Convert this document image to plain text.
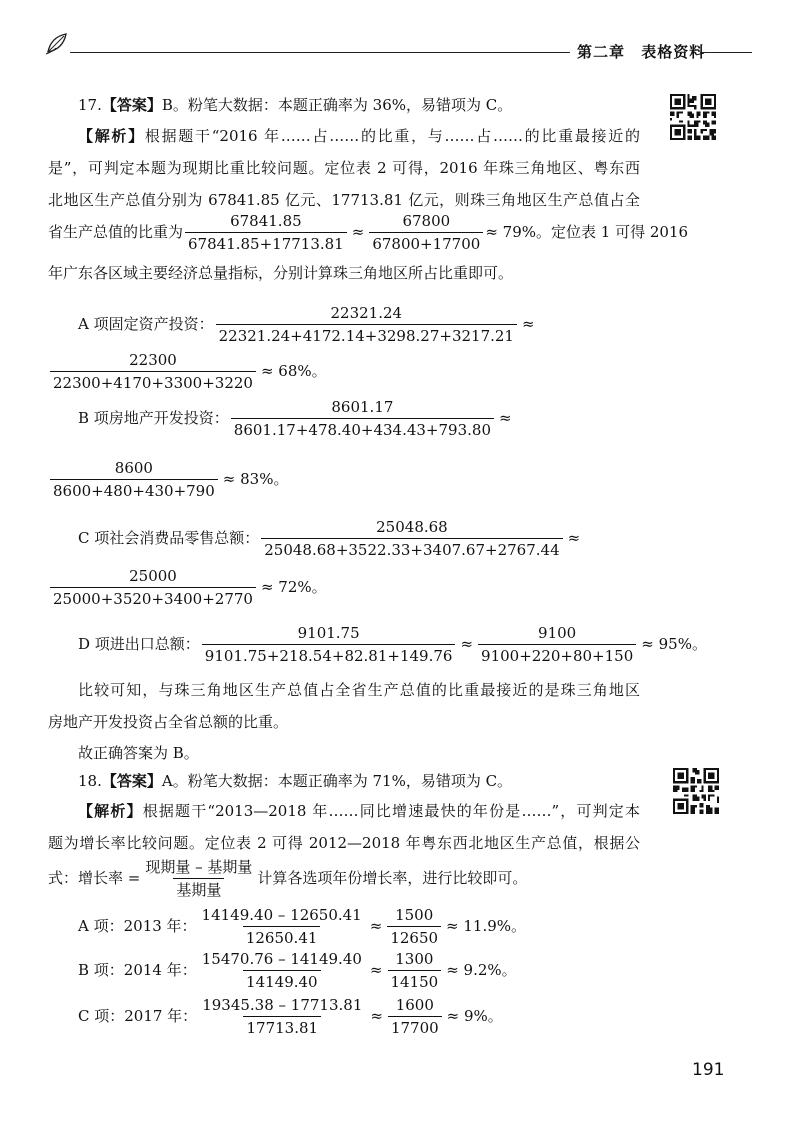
第二章 表格资料
17.【答案】B。粉笔大数据：本题正确率为 36%，易错项为 C。
【解析】根据题干“2016 年……占……的比重，与……占……的比重最接近的
是”，可判定本题为现期比重比较问题。定位表 2 可得，2016 年珠三角地区、粤东西
北地区生产总值分别为 67841.85 亿元、17713.81 亿元，则珠三角地区生产总值占全
省生产总值的比重为 $\frac{67841.85}{67841.85+17713.81} \approx \frac{67800}{67800+17700} \approx 79\%$。定位表 1 可得 2016
年广东各区域主要经济总量指标，分别计算珠三角地区所占比重即可。
A 项固定资产投资： $\frac{22321.24}{22321.24+4172.14+3298.27+3217.21}$ ≈
$\frac{22300}{22300+4170+3300+3220} \approx 68\%$。
B 项房地产开发投资： $\frac{8601.17}{8601.17+478.40+434.43+793.80}$ ≈
$\frac{8600}{8600+480+430+790} \approx 83\%$。
C 项社会消费品零售总额： $\frac{25048.68}{25048.68+3522.33+3407.67+2767.44}$ ≈
$\frac{25000}{25000+3520+3400+2770} \approx 72\%$。
D 项进出口总额： $\frac{9101.75}{9101.75+218.54+82.81+149.76} \approx \frac{9100}{9100+220+80+150} \approx 95\%$。
比较可知，与珠三角地区生产总值占全省生产总值的比重最接近的是珠三角地区
房地产开发投资占全省总额的比重。
故正确答案为 B。
18.【答案】A。粉笔大数据：本题正确率为 71%，易错项为 C。
【解析】根据题干“2013—2018 年……同比增速最快的年份是……”，可判定本
题为增长率比较问题。定位表 2 可得 2012—2018 年粤东西北地区生产总值，根据公
式：增长率 = $\frac{\text{现期量 – 基期量}}{\text{基期量}}$ 计算各选项年份增长率，进行比较即可。
A 项：2013 年： $\frac{14149.40 - 12650.41}{12650.41} \approx \frac{1500}{12650} \approx 11.9\%$。
B 项：2014 年： $\frac{15470.76 - 14149.40}{14149.40} \approx \frac{1300}{14150} \approx 9.2\%$。
C 项：2017 年： $\frac{19345.38 - 17713.81}{17713.81} \approx \frac{1600}{17700} \approx 9\%$。
191
